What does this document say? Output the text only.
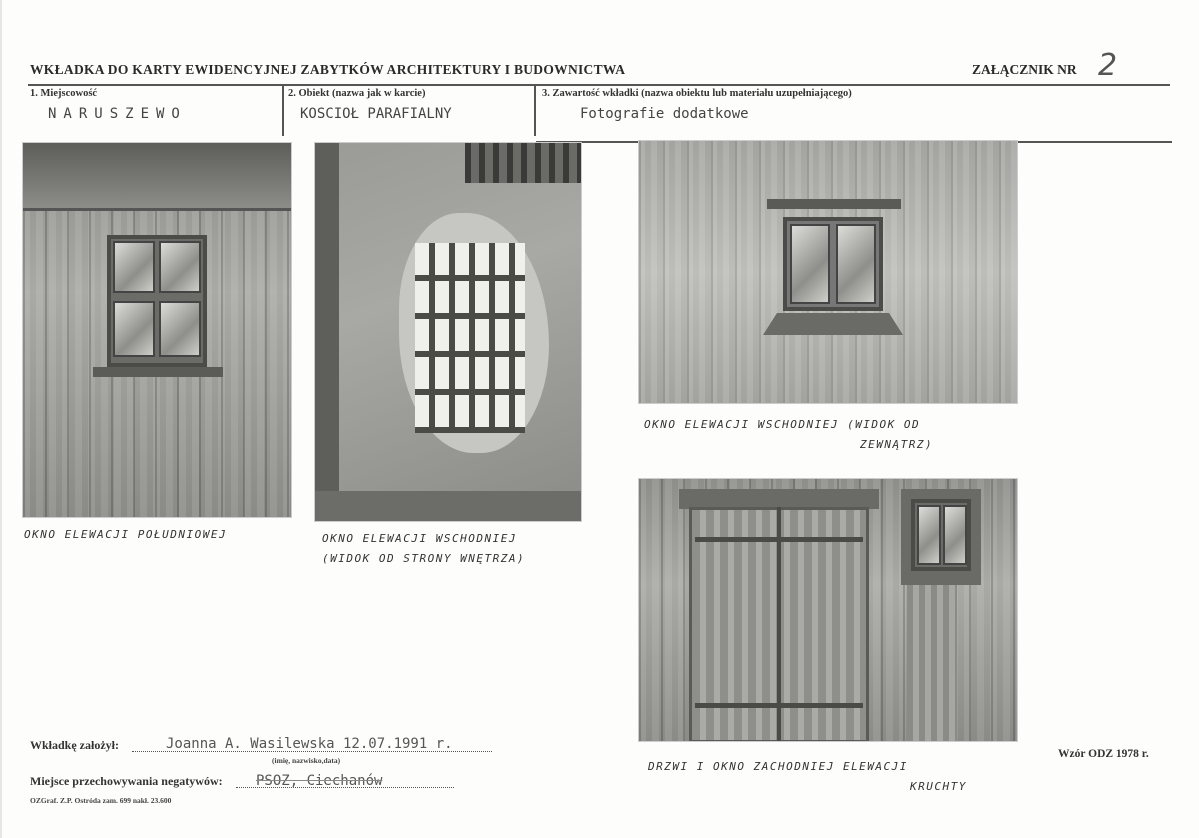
WKŁADKA DO KARTY EWIDENCYJNEJ ZABYTKÓW ARCHITEKTURY I BUDOWNICTWA	ZAŁĄCZNIK NR 2
1. Miejscowość
NARUSZEWO
2. Obiekt (nazwa jak w karcie)
KOSCIOŁ PARAFIALNY
3. Zawartość wkładki (nazwa obiektu lub materiału uzupełniającego)
Fotografie dodatkowe
OKNO ELEWACJI POŁUDNIOWEJ	OKNO ELEWACJI WSCHODNIEJ
(WIDOK OD STRONY WNĘTRZA)
OKNO ELEWACJI WSCHODNIEJ (WIDOK OD
ZEWNĄTRZ)
DRZWI I OKNO ZACHODNIEJ ELEWACJI
KRUCHTY
Wkładkę założył:	Joanna A. Wasilewska 12.07.1991 r.
(imię, nazwisko,data)
Miejsce przechowywania negatywów: PSOZ, Ciechanów
OZGraf. Z.P. Ostróda zam. 699 nakł. 23.600
Wzór ODZ 1978 r.
